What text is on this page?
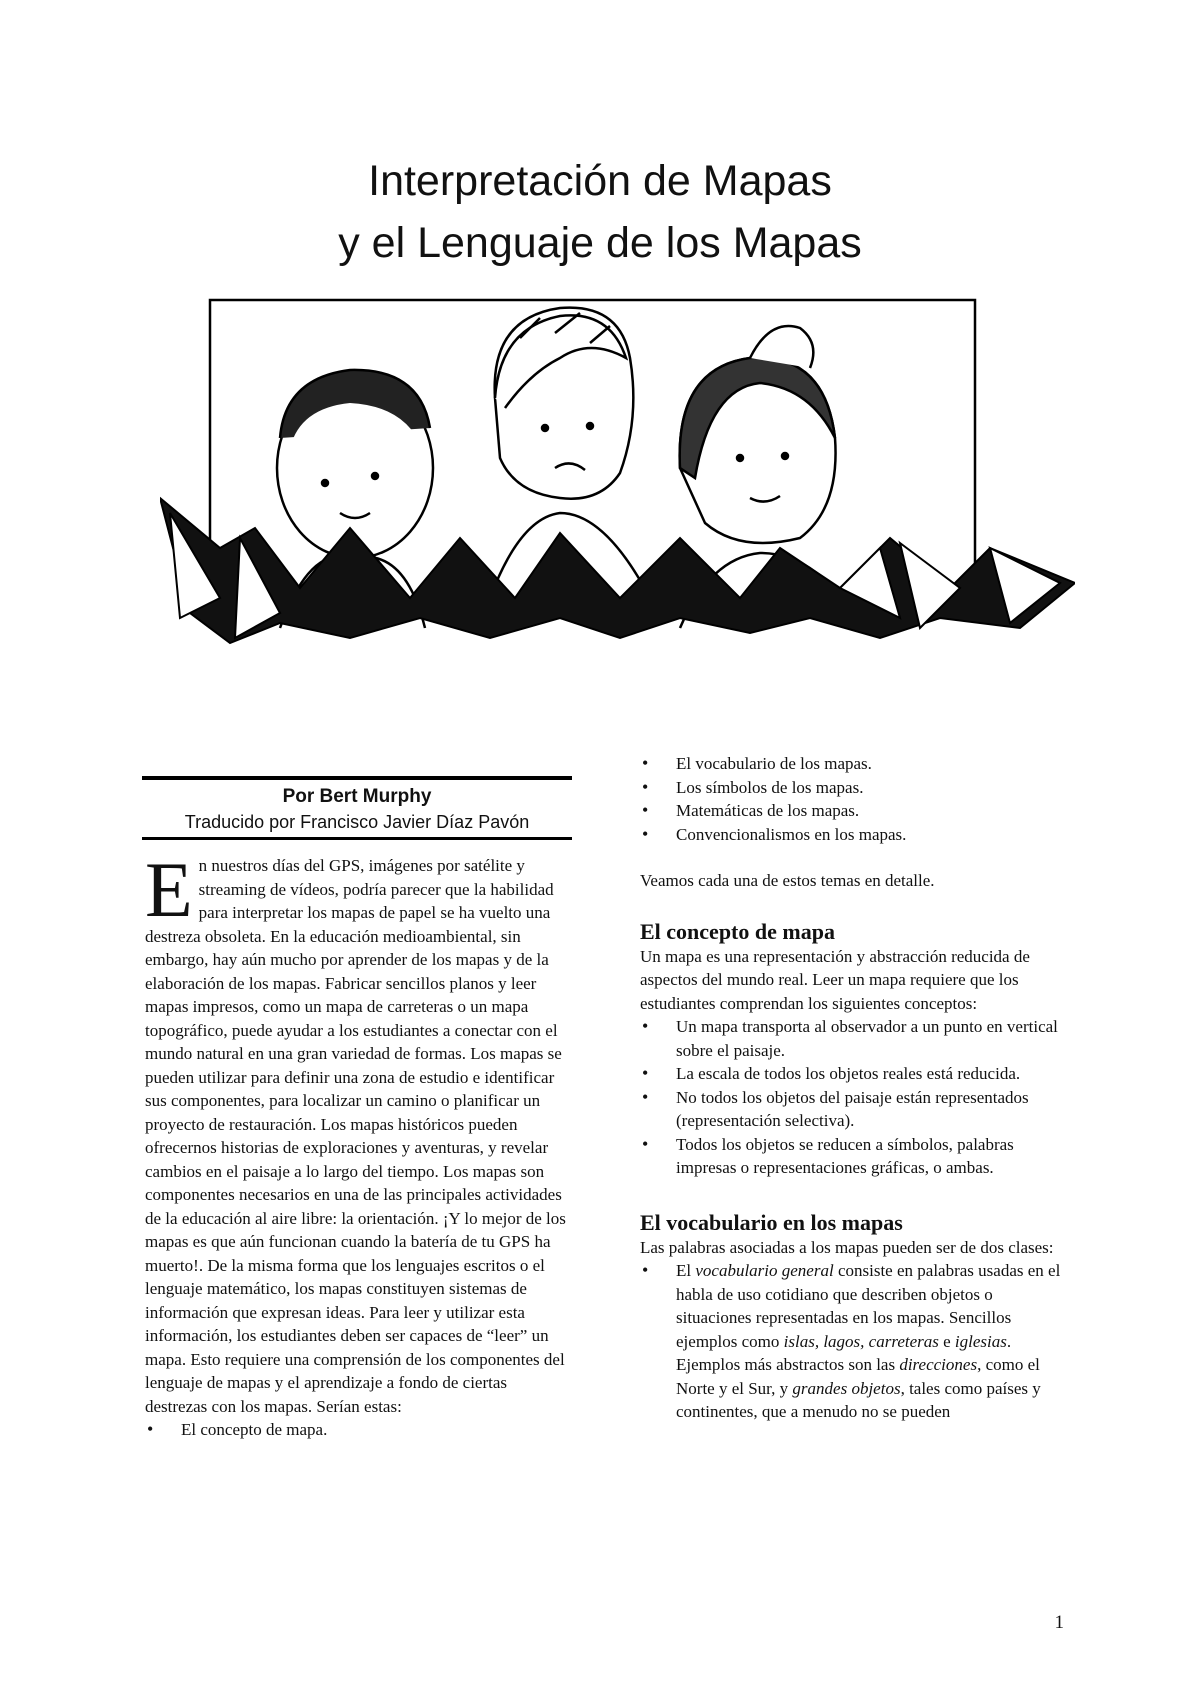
Interpretación de Mapas
y el Lenguaje de los Mapas
Por Bert Murphy
Traducido por Francisco Javier Díaz Pavón

En nuestros días del GPS, imágenes por satélite y streaming de vídeos, podría parecer que la habilidad para interpretar los mapas de papel se ha vuelto una destreza obsoleta. En la educación medioambiental, sin embargo, hay aún mucho por aprender de los mapas y de la elaboración de los mapas. Fabricar sencillos planos y leer mapas impresos, como un mapa de carreteras o un mapa topográfico, puede ayudar a los estudiantes a conectar con el mundo natural en una gran variedad de formas. Los mapas se pueden utilizar para definir una zona de estudio e identificar sus componentes, para localizar un camino o planificar un proyecto de restauración. Los mapas históricos pueden ofrecernos historias de exploraciones y aventuras, y revelar cambios en el paisaje a lo largo del tiempo. Los mapas son componentes necesarios en una de las principales actividades de la educación al aire libre: la orientación. ¡Y lo mejor de los mapas es que aún funcionan cuando la batería de tu GPS ha muerto!. De la misma forma que los lenguajes escritos o el lenguaje matemático, los mapas constituyen sistemas de información que expresan ideas. Para leer y utilizar esta información, los estudiantes deben ser capaces de “leer” un mapa. Esto requiere una comprensión de los componentes del lenguaje de mapas y el aprendizaje a fondo de ciertas destrezas con los mapas. Serían estas:

• El concepto de mapa.
• El vocabulario de los mapas.
• Los símbolos de los mapas.
• Matemáticas de los mapas.
• Convencionalismos en los mapas.

Veamos cada una de estos temas en detalle.

El concepto de mapa

Un mapa es una representación y abstracción reducida de aspectos del mundo real. Leer un mapa requiere que los estudiantes comprendan los siguientes conceptos:

• Un mapa transporta al observador a un punto en vertical sobre el paisaje.
• La escala de todos los objetos reales está reducida.
• No todos los objetos del paisaje están representados (representación selectiva).
• Todos los objetos se reducen a símbolos, palabras impresas o representaciones gráficas, o ambas.
El vocabulario en los mapas

Las palabras asociadas a los mapas pueden ser de dos clases:

• El vocabulario general consiste en palabras usadas en el habla de uso cotidiano que describen objetos o situaciones representadas en los mapas. Sencillos ejemplos como islas, lagos, carreteras e iglesias. Ejemplos más abstractos son las direcciones, como el Norte y el Sur, y grandes objetos, tales como países y continentes, que a menudo no se pueden
1
